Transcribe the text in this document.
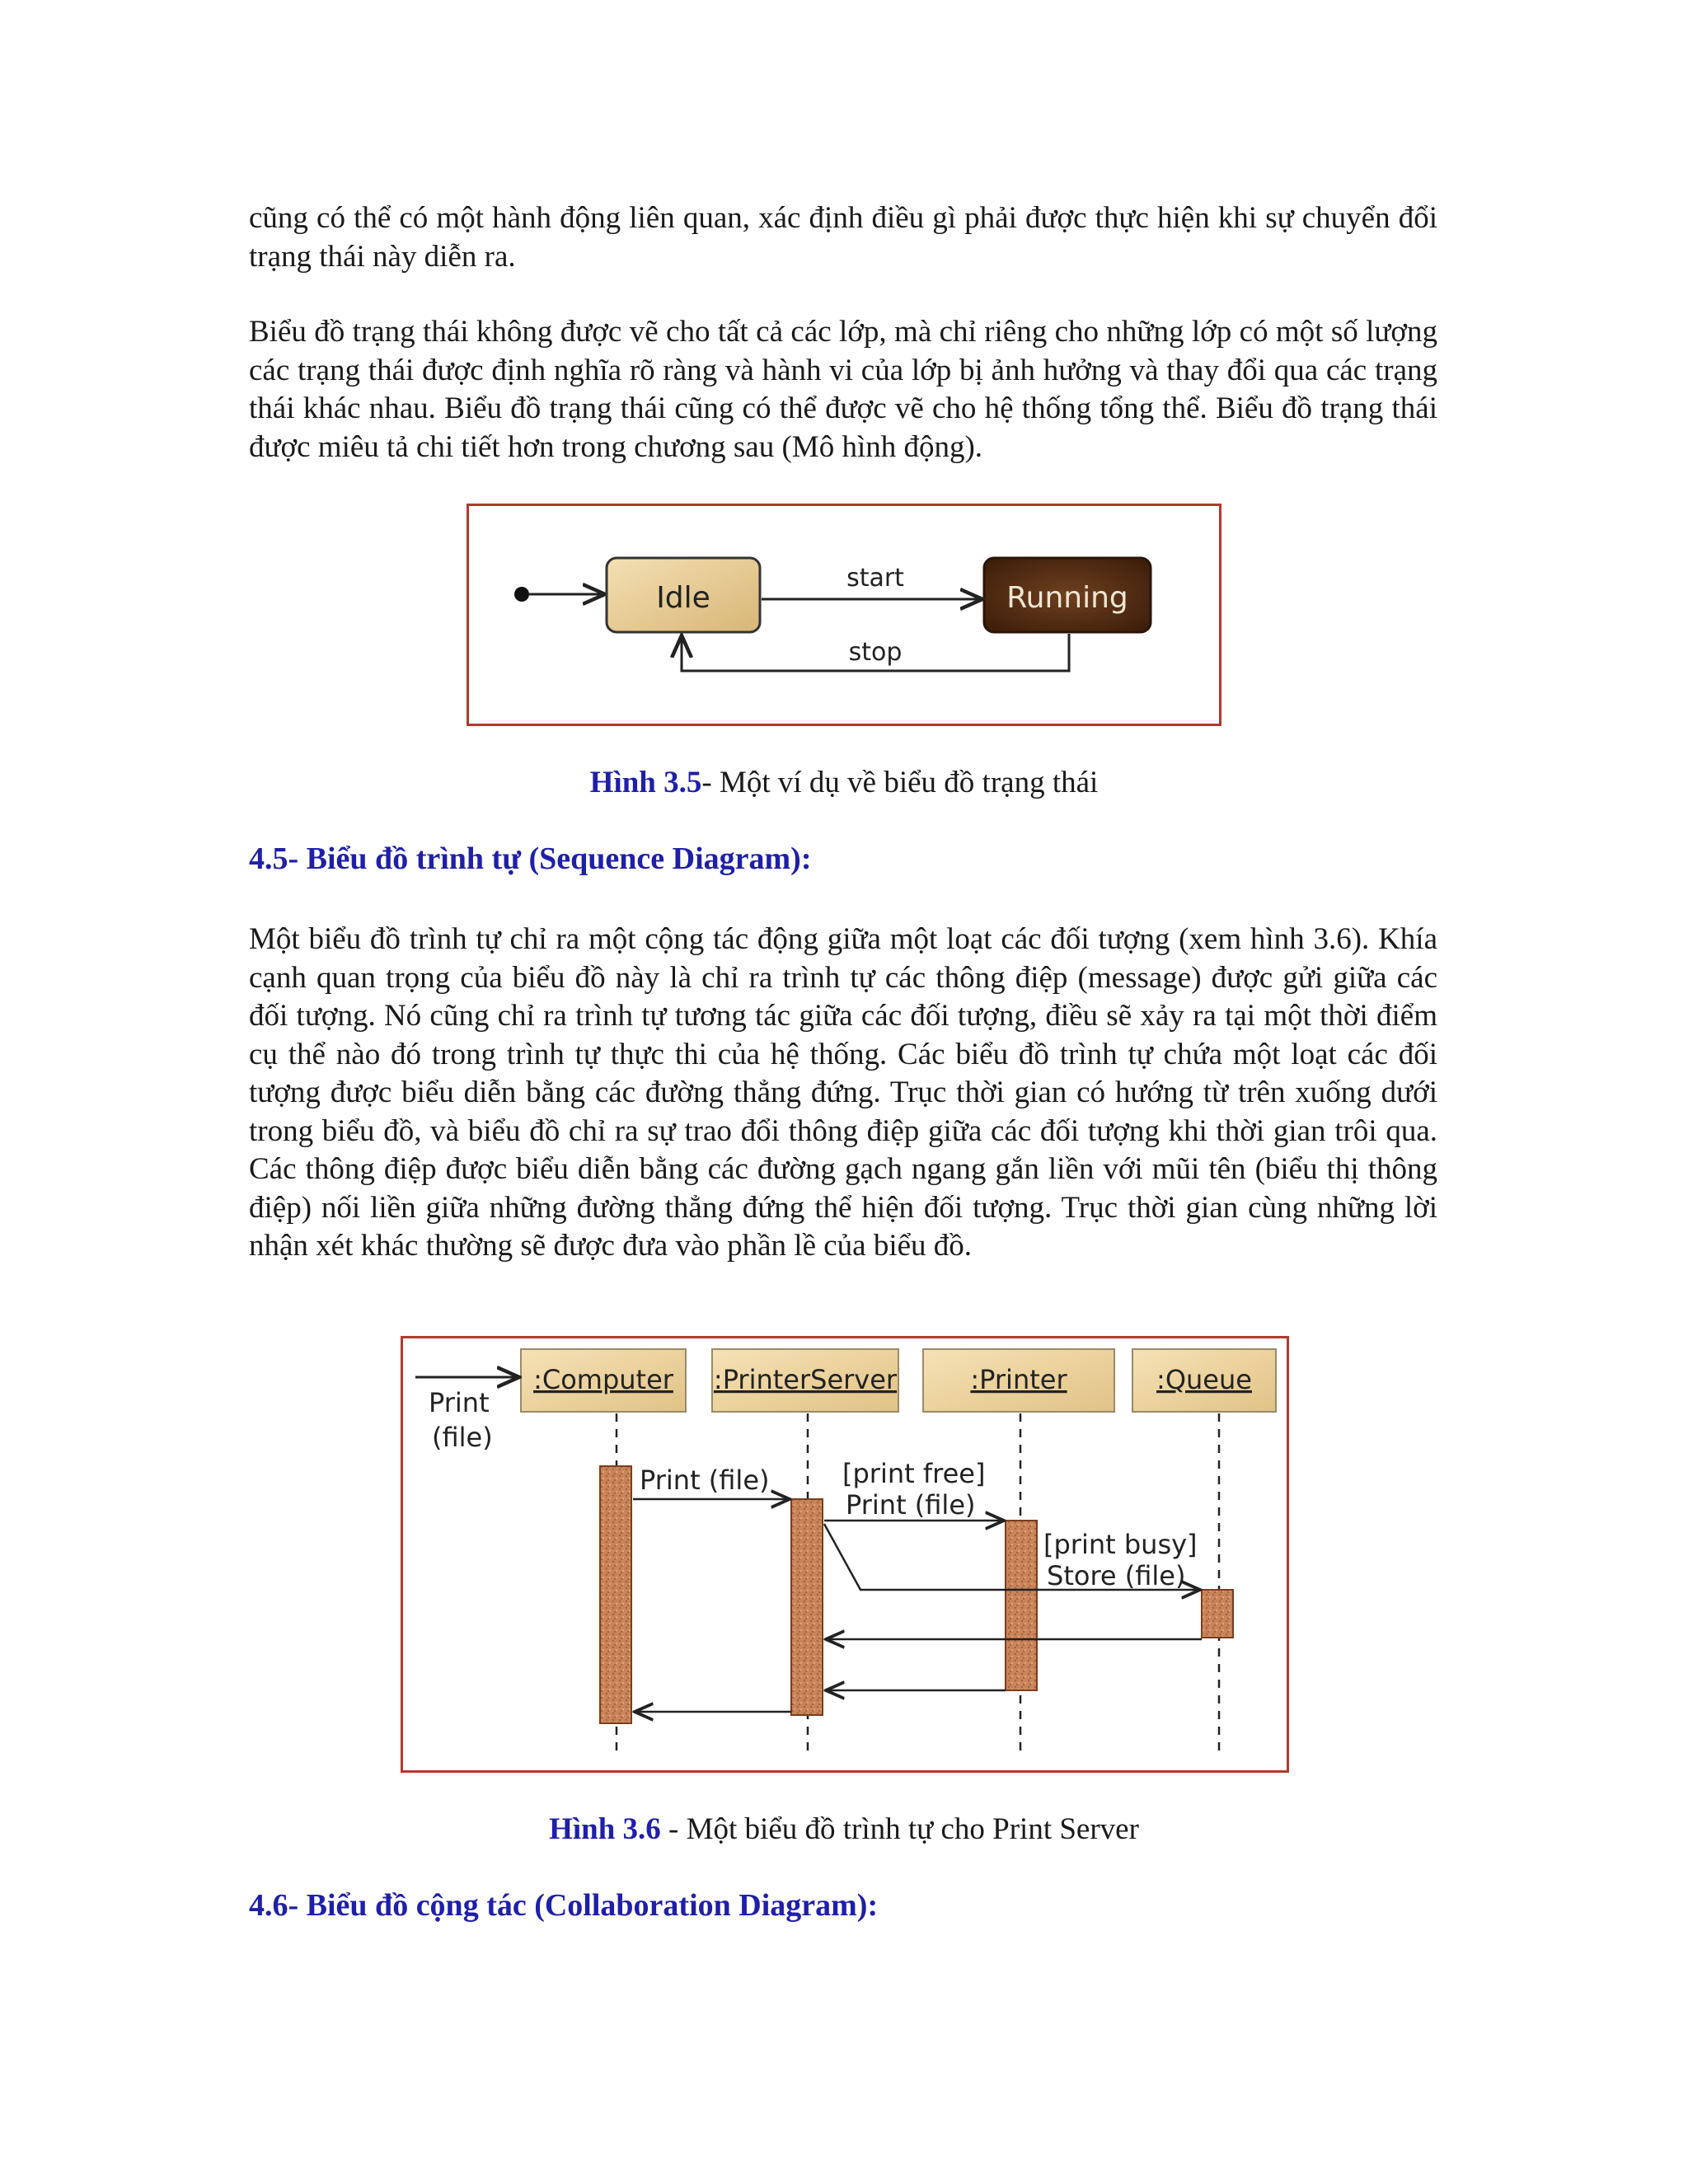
cũng có thể có một hành động liên quan, xác định điều gì phải được thực hiện khi sự chuyển đổi trạng thái này diễn ra.

Biểu đồ trạng thái không được vẽ cho tất cả các lớp, mà chỉ riêng cho những lớp có một số lượng các trạng thái được định nghĩa rõ ràng và hành vi của lớp bị ảnh hưởng và thay đổi qua các trạng thái khác nhau. Biểu đồ trạng thái cũng có thể được vẽ cho hệ thống tổng thể. Biểu đồ trạng thái được miêu tả chi tiết hơn trong chương sau (Mô hình động).

Idle	Running
start
stop

Hình 3.5- Một ví dụ về biểu đồ trạng thái

4.5- Biểu đồ trình tự (Sequence Diagram):

Một biểu đồ trình tự chỉ ra một cộng tác động giữa một loạt các đối tượng (xem hình 3.6). Khía cạnh quan trọng của biểu đồ này là chỉ ra trình tự các thông điệp (message) được gửi giữa các đối tượng. Nó cũng chỉ ra trình tự tương tác giữa các đối tượng, điều sẽ xảy ra tại một thời điểm cụ thể nào đó trong trình tự thực thi của hệ thống. Các biểu đồ trình tự chứa một loạt các đối tượng được biểu diễn bằng các đường thẳng đứng. Trục thời gian có hướng từ trên xuống dưới trong biểu đồ, và biểu đồ chỉ ra sự trao đổi thông điệp giữa các đối tượng khi thời gian trôi qua. Các thông điệp được biểu diễn bằng các đường gạch ngang gắn liền với mũi tên (biểu thị thông điệp) nối liền giữa những đường thẳng đứng thể hiện đối tượng. Trục thời gian cùng những lời nhận xét khác thường sẽ được đưa vào phần lề của biểu đồ.

:Computer :PrinterServer	:Printer	:Queue
Print
(file)
Print (file)	[print free]
Print (file)
[print busy]
Store (file)

Hình 3.6 - Một biểu đồ trình tự cho Print Server

4.6- Biểu đồ cộng tác (Collaboration Diagram):
